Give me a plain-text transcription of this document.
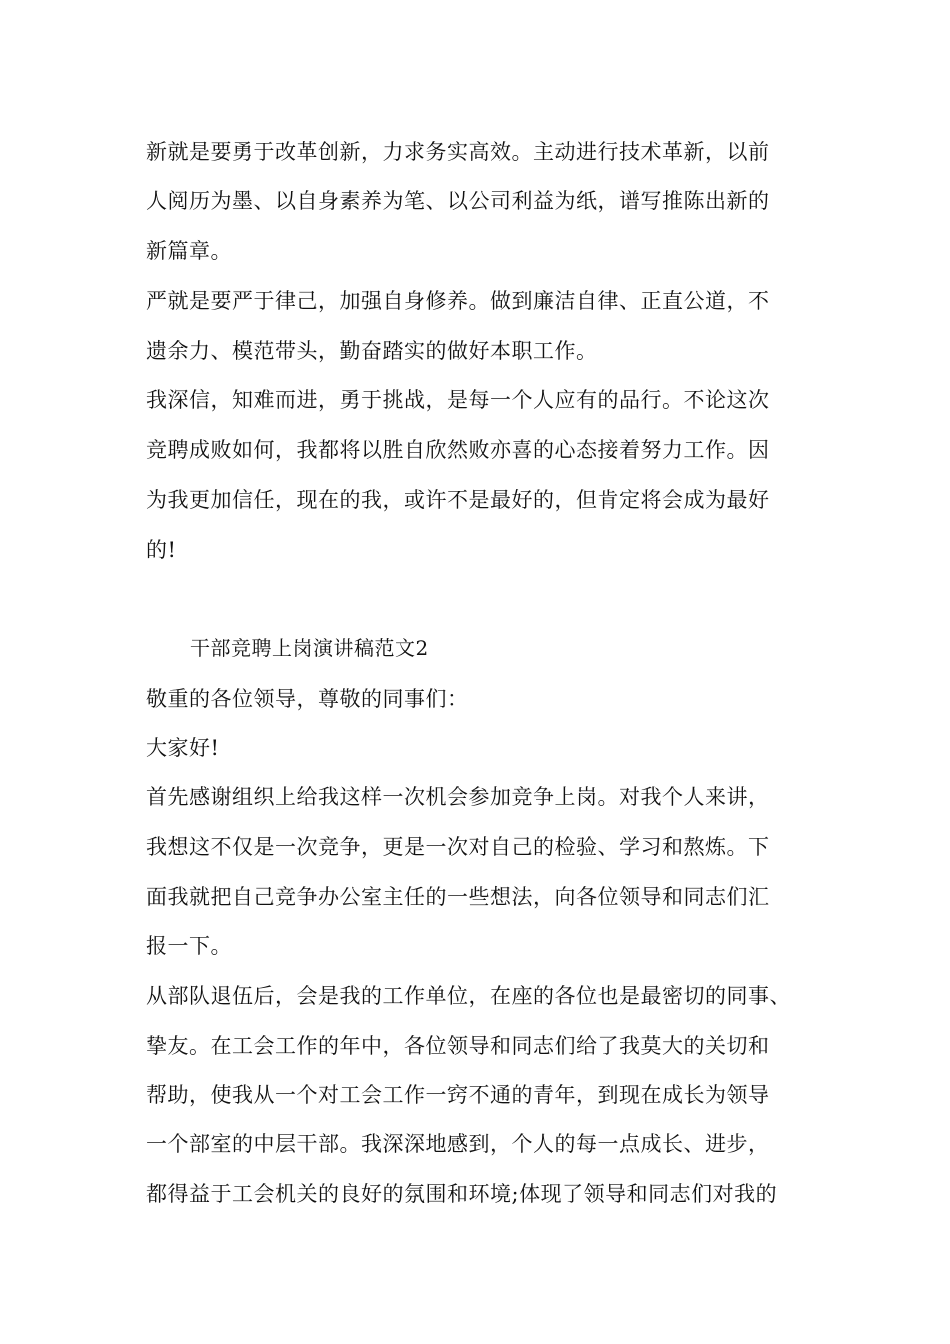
新就是要勇于改革创新，力求务实高效。主动进行技术革新，以前
人阅历为墨、以自身素养为笔、以公司利益为纸，谱写推陈出新的
新篇章。
严就是要严于律己，加强自身修养。做到廉洁自律、正直公道，不
遗余力、模范带头，勤奋踏实的做好本职工作。
我深信，知难而进，勇于挑战，是每一个人应有的品行。不论这次
竞聘成败如何，我都将以胜自欣然败亦喜的心态接着努力工作。因
为我更加信任，现在的我，或许不是最好的，但肯定将会成为最好
的!
干部竞聘上岗演讲稿范文2
敬重的各位领导，尊敬的同事们：
大家好!
首先感谢组织上给我这样一次机会参加竞争上岗。对我个人来讲，
我想这不仅是一次竞争，更是一次对自己的检验、学习和熬炼。下
面我就把自己竞争办公室主任的一些想法，向各位领导和同志们汇
报一下。
从部队退伍后，会是我的工作单位，在座的各位也是最密切的同事、
挚友。在工会工作的年中，各位领导和同志们给了我莫大的关切和
帮助，使我从一个对工会工作一窍不通的青年，到现在成长为领导
一个部室的中层干部。我深深地感到，个人的每一点成长、进步，
都得益于工会机关的良好的氛围和环境;体现了领导和同志们对我的
